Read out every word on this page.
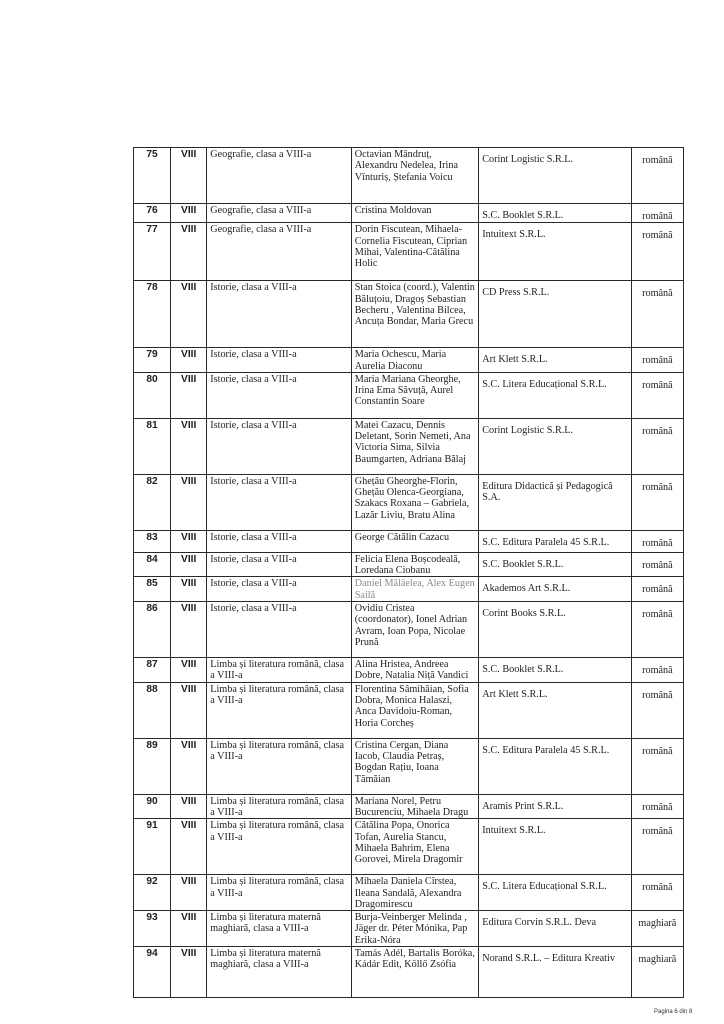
75	VIII	Geografie, clasa a VIII-a	Octavian Mândruț, Alexandru Nedelea, Irina Vînturiș, Ștefania Voicu	Corint Logistic S.R.L.	română
76	VIII	Geografie, clasa a VIII-a	Cristina Moldovan	S.C. Booklet S.R.L.	română
77	VIII	Geografie, clasa a VIII-a	Dorin Fiscutean, Mihaela-Cornelia Fiscutean, Ciprian Mihai, Valentina-Cătălina Holic	Intuitext S.R.L.	română
78	VIII	Istorie, clasa a VIII-a	Stan Stoica (coord.), Valentin Băluțoiu, Dragoș Sebastian Becheru , Valentina Bilcea, Ancuța Bondar, Maria Grecu	CD Press S.R.L.	română
79	VIII	Istorie, clasa a VIII-a	Maria Ochescu, Maria Aurelia Diaconu	Art Klett S.R.L.	română
80	VIII	Istorie, clasa a VIII-a	Maria Mariana Gheorghe, Irina Ema Săvuță, Aurel Constantin Soare	S.C. Litera Educațional S.R.L.	română
81	VIII	Istorie, clasa a VIII-a	Matei Cazacu, Dennis Deletant, Sorin Nemeti, Ana Victoria Sima, Silvia Baumgarten, Adriana Bălaj	Corint Logistic S.R.L.	română
82	VIII	Istorie, clasa a VIII-a	Ghețău Gheorghe-Florin, Ghețău Olenca-Georgiana, Szakacs Roxana – Gabriela, Lazăr Liviu, Bratu Alina	Editura Didactică și Pedagogică S.A.	română
83	VIII	Istorie, clasa a VIII-a	George Cătălin Cazacu	S.C. Editura Paralela 45 S.R.L.	română
84	VIII	Istorie, clasa a VIII-a	Felicia Elena Boșcodeală, Loredana Ciobanu	S.C. Booklet S.R.L.	română
85	VIII	Istorie, clasa a VIII-a	Daniel Mălăelea, Alex Eugen Sailă	Akademos Art S.R.L.	română
86	VIII	Istorie, clasa a VIII-a	Ovidiu Cristea (coordonator), Ionel Adrian Avram, Ioan Popa, Nicolae Prună	Corint Books S.R.L.	română
87	VIII	Limba și literatura română, clasa a VIII-a	Alina Hristea, Andreea Dobre, Natalia Niță Vandici	S.C. Booklet S.R.L.	română
88	VIII	Limba și literatura română, clasa a VIII-a	Florentina Sâmihăian, Sofia Dobra, Monica Halaszi, Anca Davidoiu-Roman, Horia Corcheș	Art Klett S.R.L.	română
89	VIII	Limba și literatura română, clasa a VIII-a	Cristina Cergan, Diana Iacob, Claudia Petraș, Bogdan Rațiu, Ioana Tămăian	S.C. Editura Paralela 45 S.R.L.	română
90	VIII	Limba și literatura română, clasa a VIII-a	Mariana Norel, Petru Bucurenciu, Mihaela Dragu	Aramis Print S.R.L.	română
91	VIII	Limba și literatura română, clasa a VIII-a	Cătălina Popa, Onorica Tofan, Aurelia Stancu, Mihaela Bahrim, Elena Gorovei, Mirela Dragomir	Intuitext S.R.L.	română
92	VIII	Limba și literatura română, clasa a VIII-a	Mihaela Daniela Cîrstea, Ileana Sandală, Alexandra Dragomirescu	S.C. Litera Educațional S.R.L.	română
93	VIII	Limba și literatura maternă maghiară, clasa a VIII-a	Burja-Veinberger Melinda , Jäger dr. Péter Mónika, Pap Erika-Nóra	Editura Corvin S.R.L. Deva	maghiară
94	VIII	Limba și literatura maternă maghiară, clasa a VIII-a	Tamás Adél, Bartalis Boróka, Kádár Edit, Köllő Zsófia	Norand S.R.L. – Editura Kreativ	maghiară
Pagina 6 din 8
